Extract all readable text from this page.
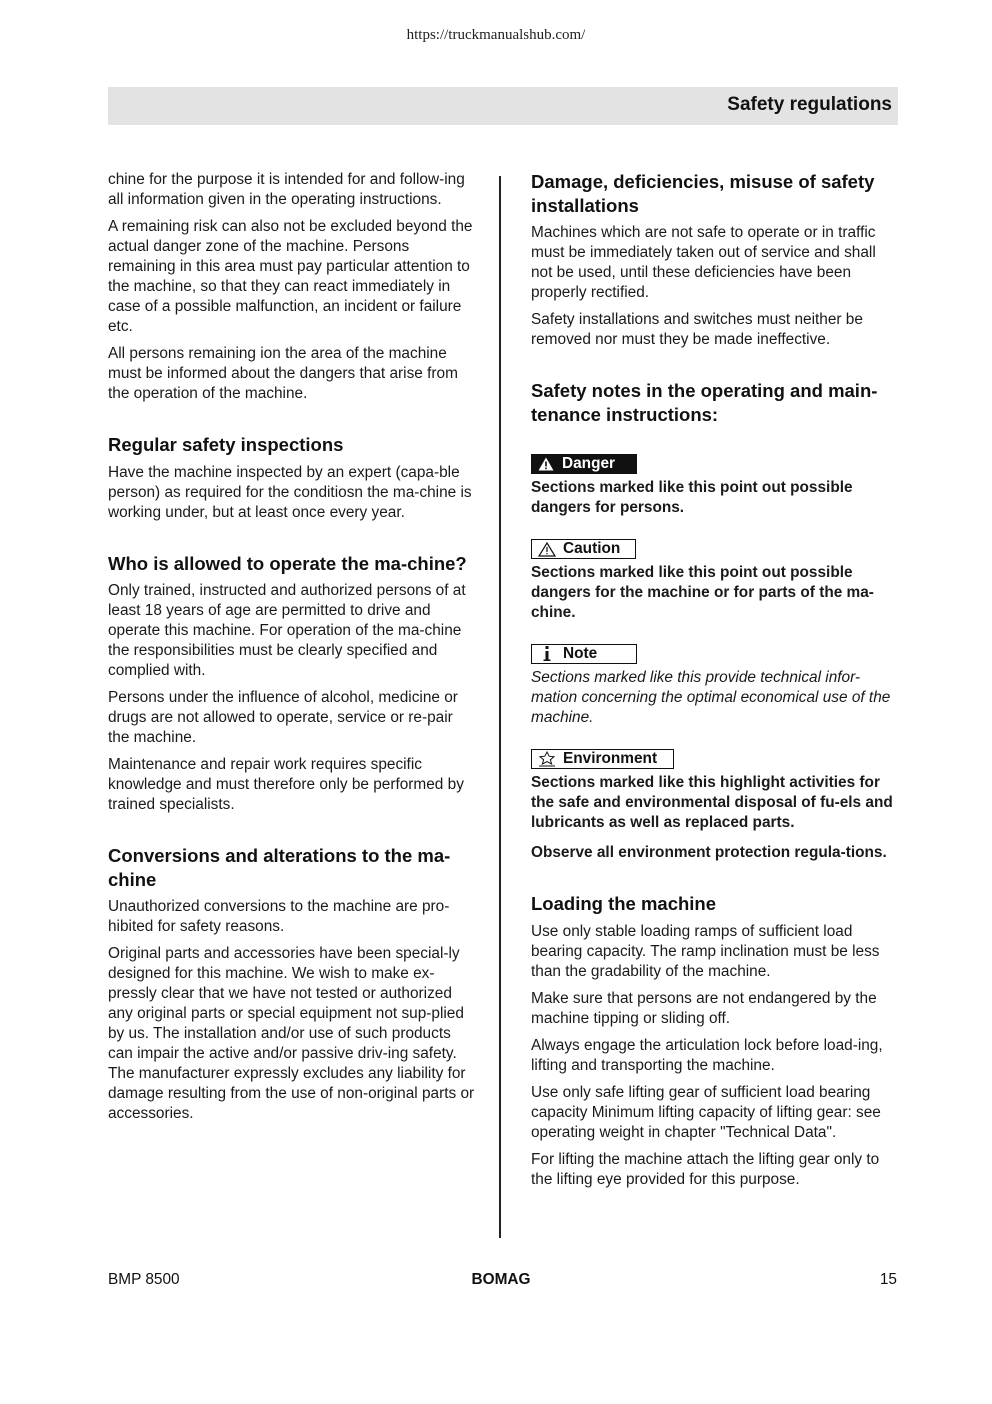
https://truckmanualshub.com/
Safety regulations

chine for the purpose it is intended for and follow-ing all information given in the operating instructions.

A remaining risk can also not be excluded beyond the actual danger zone of the machine. Persons remaining in this area must pay particular attention to the machine, so that they can react immediately in case of a possible malfunction, an incident or failure etc.

All persons remaining ion the area of the machine must be informed about the dangers that arise from the operation of the machine.

Regular safety inspections

Have the machine inspected by an expert (capa-ble person) as required for the conditiosn the ma-chine is working under, but at least once every year.

Who is allowed to operate the ma-chine?

Only trained, instructed and authorized persons of at least 18 years of age are permitted to drive and operate this machine. For operation of the ma-chine the responsibilities must be clearly specified and complied with.

Persons under the influence of alcohol, medicine or drugs are not allowed to operate, service or re-pair the machine.

Maintenance and repair work requires specific knowledge and must therefore only be performed by trained specialists.

Conversions and alterations to the ma-chine

Unauthorized conversions to the machine are pro-hibited for safety reasons.

Original parts and accessories have been special-ly designed for this machine. We wish to make ex-pressly clear that we have not tested or authorized any original parts or special equipment not sup-plied by us. The installation and/or use of such products can impair the active and/or passive driv-ing safety. The manufacturer expressly excludes any liability for damage resulting from the use of non-original parts or accessories.

Damage, deficiencies, misuse of safety installations

Machines which are not safe to operate or in traffic must be immediately taken out of service and shall not be used, until these deficiencies have been properly rectified.

Safety installations and switches must neither be removed nor must they be made ineffective.

Safety notes in the operating and main-tenance instructions:
Danger

Sections marked like this point out possible dangers for persons.

Caution

Sections marked like this point out possible dangers for the machine or for parts of the ma-chine.

Note

Sections marked like this provide technical infor-mation concerning the optimal economical use of the machine.

Environment

Sections marked like this highlight activities for the safe and environmental disposal of fu-els and lubricants as well as replaced parts.

Observe all environment protection regula-tions.

Loading the machine

Use only stable loading ramps of sufficient load bearing capacity. The ramp inclination must be less than the gradability of the machine.

Make sure that persons are not endangered by the machine tipping or sliding off.

Always engage the articulation lock before load-ing, lifting and transporting the machine.

Use only safe lifting gear of sufficient load bearing capacity Minimum lifting capacity of lifting gear: see operating weight in chapter "Technical Data".

For lifting the machine attach the lifting gear only to the lifting eye provided for this purpose.

BMP 8500	BOMAG	15
